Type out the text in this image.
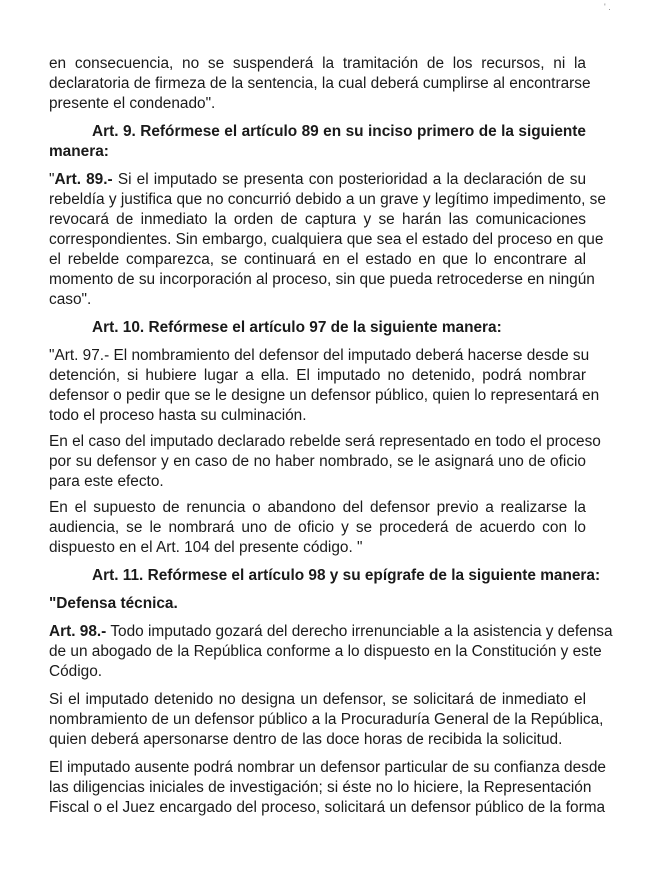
' .
en consecuencia, no se suspenderá la tramitación de los recursos, ni la
declaratoria de firmeza de la sentencia, la cual deberá cumplirse al encontrarse
presente el condenado".
Art. 9. Refórmese el artículo 89 en su inciso primero de la siguiente
manera:
"Art. 89.- Si el imputado se presenta con posterioridad a la declaración de su
rebeldía y justifica que no concurrió debido a un grave y legítimo impedimento, se
revocará de inmediato la orden de captura y se harán las comunicaciones
correspondientes. Sin embargo, cualquiera que sea el estado del proceso en que
el rebelde comparezca, se continuará en el estado en que lo encontrare al
momento de su incorporación al proceso, sin que pueda retrocederse en ningún
caso".
Art. 10. Refórmese el artículo 97 de la siguiente manera:
"Art. 97.- El nombramiento del defensor del imputado deberá hacerse desde su
detención, si hubiere lugar a ella. El imputado no detenido, podrá nombrar
defensor o pedir que se le designe un defensor público, quien lo representará en
todo el proceso hasta su culminación.
En el caso del imputado declarado rebelde será representado en todo el proceso
por su defensor y en caso de no haber nombrado, se le asignará uno de oficio
para este efecto.
En el supuesto de renuncia o abandono del defensor previo a realizarse la
audiencia, se le nombrará uno de oficio y se procederá de acuerdo con lo
dispuesto en el Art. 104 del presente código. "
Art. 11. Refórmese el artículo 98 y su epígrafe de la siguiente manera:
"Defensa técnica.
Art. 98.- Todo imputado gozará del derecho irrenunciable a la asistencia y defensa
de un abogado de la República conforme a lo dispuesto en la Constitución y este
Código.
Si el imputado detenido no designa un defensor, se solicitará de inmediato el
nombramiento de un defensor público a la Procuraduría General de la República,
quien deberá apersonarse dentro de las doce horas de recibida la solicitud.
El imputado ausente podrá nombrar un defensor particular de su confianza desde
las diligencias iniciales de investigación; si éste no lo hiciere, la Representación
Fiscal o el Juez encargado del proceso, solicitará un defensor público de la forma
